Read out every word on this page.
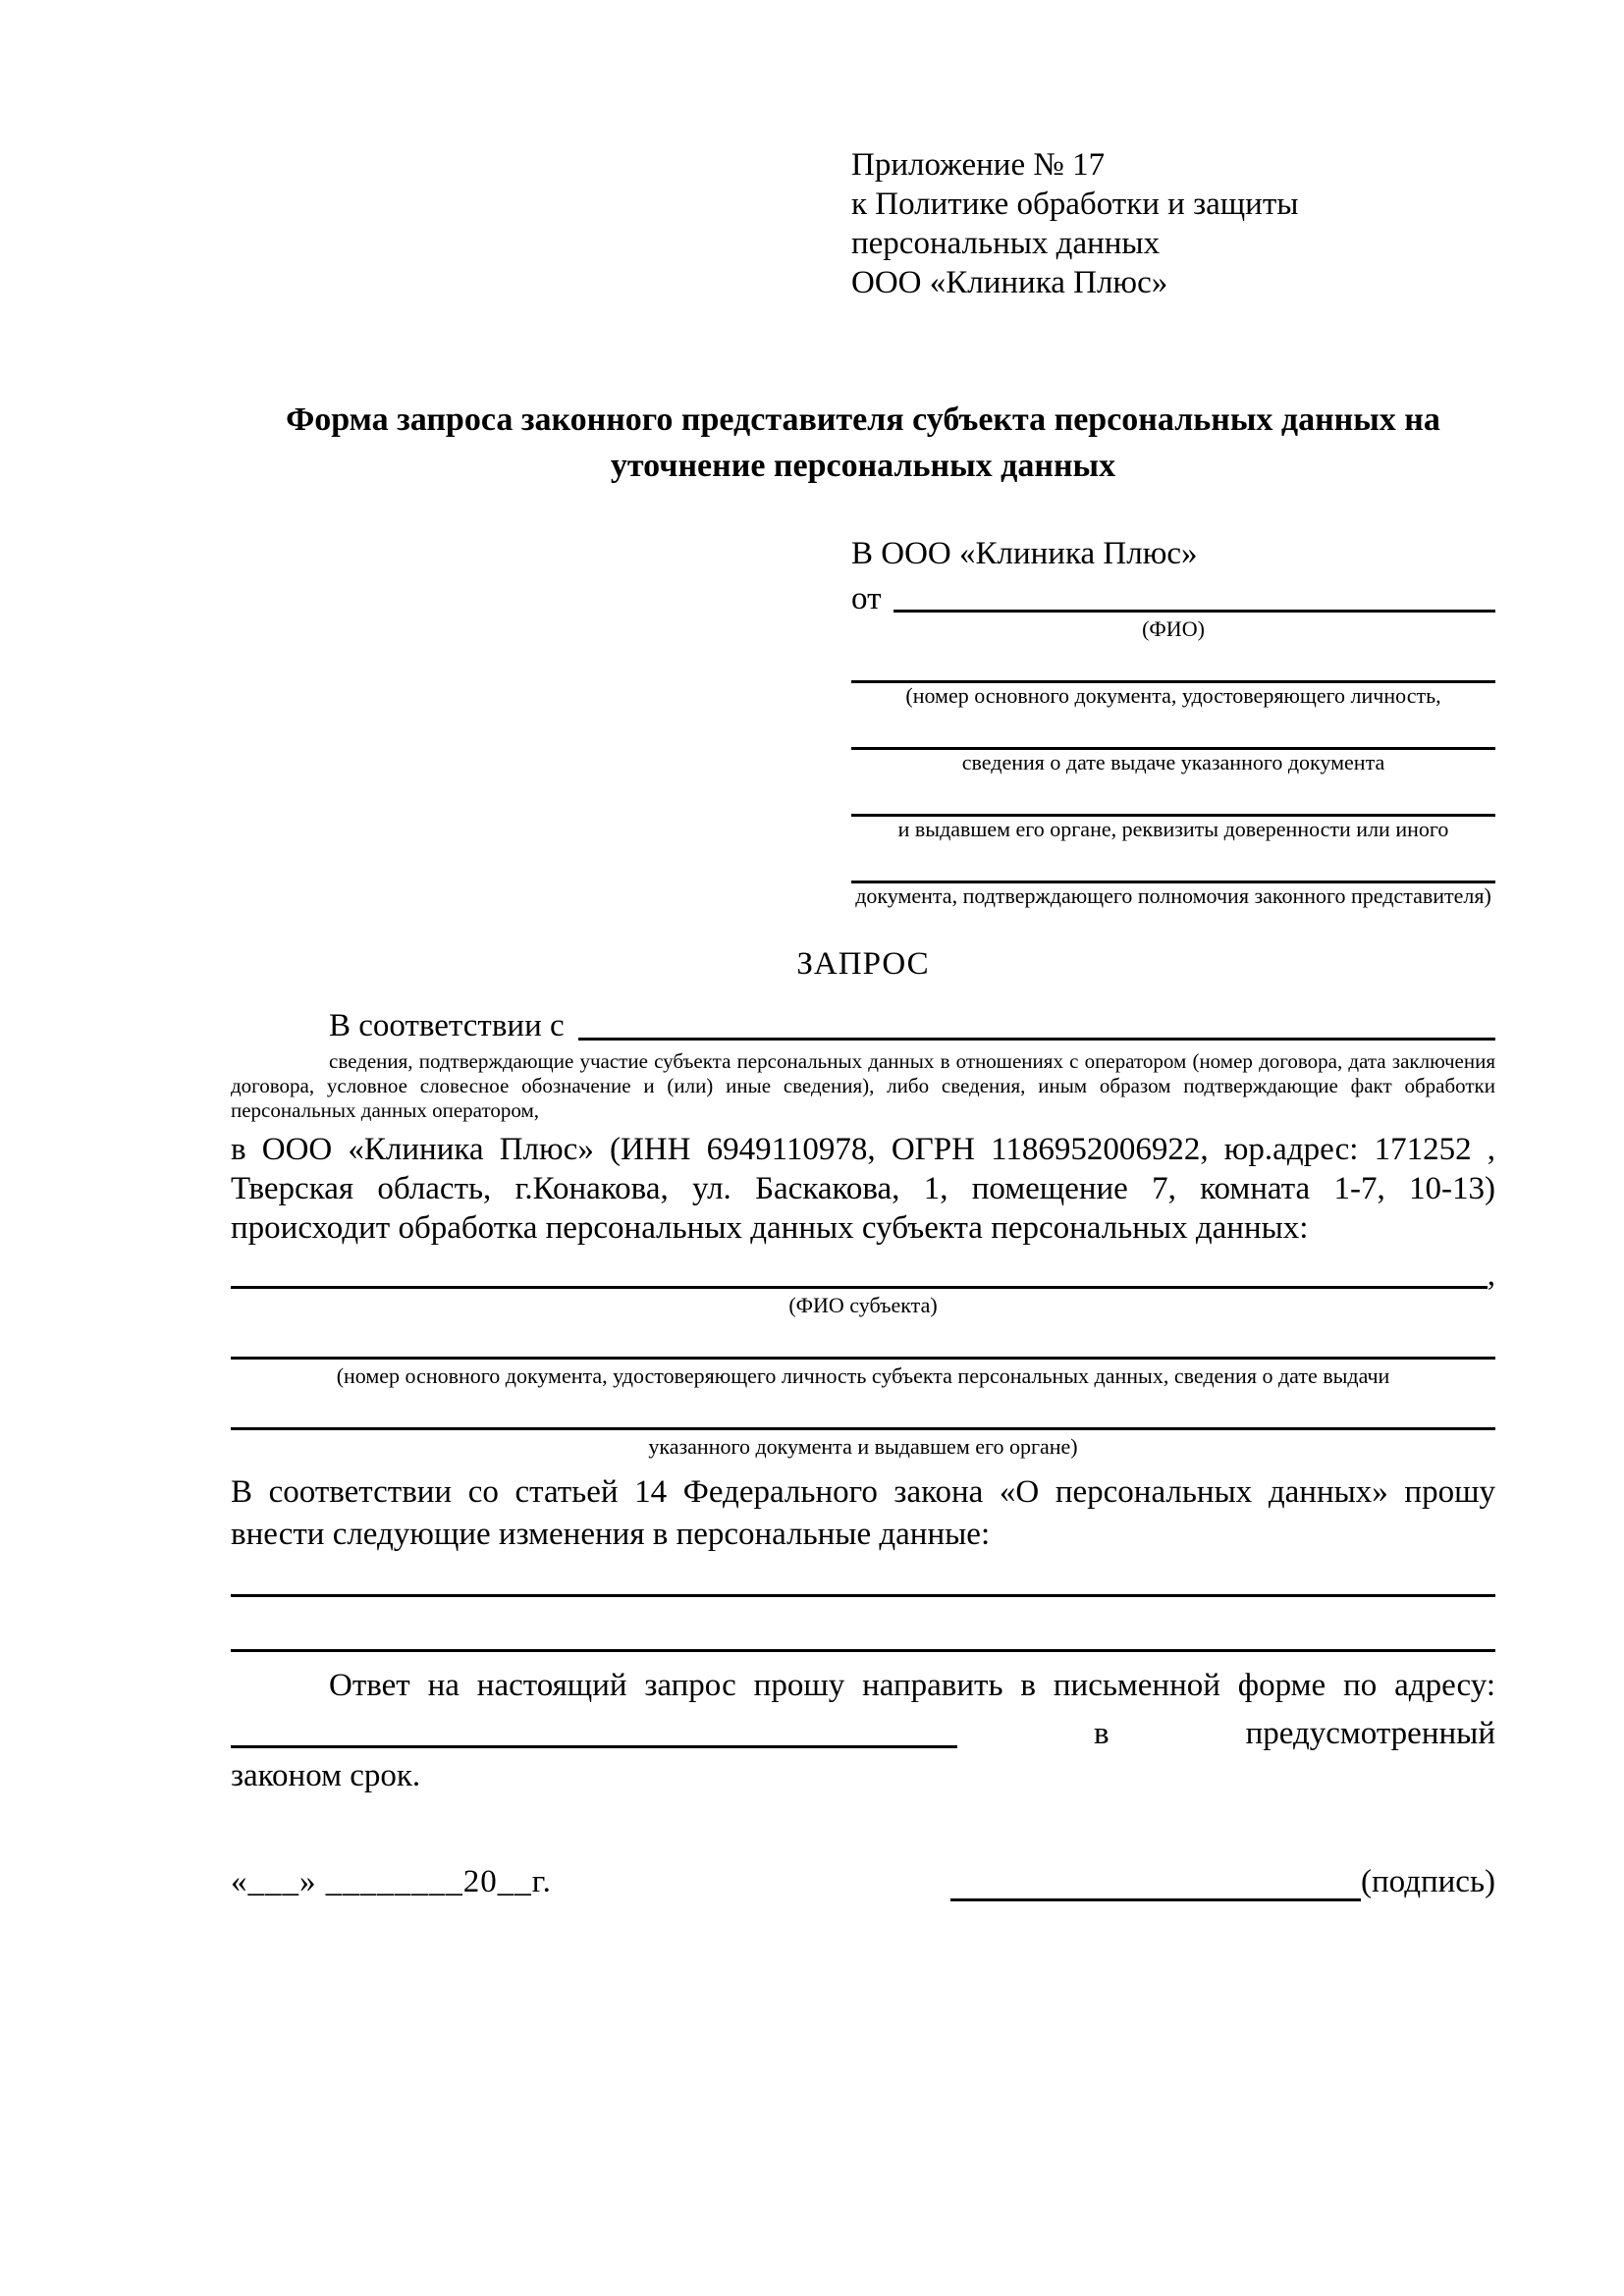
Приложение № 17
к Политике обработки и защиты
персональных данных
ООО «Клиника Плюс»
Форма запроса законного представителя субъекта персональных данных на уточнение персональных данных
В ООО «Клиника Плюс»
от
(ФИО)
(номер основного документа, удостоверяющего личность,
сведения о дате выдаче указанного документа
и выдавшем его органе, реквизиты доверенности или иного
документа, подтверждающего полномочия законного представителя)
ЗАПРОС
В соответствии с
сведения, подтверждающие участие субъекта персональных данных в отношениях с оператором (номер договора, дата заключения договора, условное словесное обозначение и (или) иные сведения), либо сведения, иным образом подтверждающие факт обработки персональных данных оператором,
в ООО «Клиника Плюс» (ИНН 6949110978, ОГРН 1186952006922, юр.адрес: 171252 , Тверская область, г.Конакова, ул. Баскакова, 1, помещение 7, комната 1-7, 10-13) происходит обработка персональных данных субъекта персональных данных:
,
(ФИО субъекта)
(номер основного документа, удостоверяющего личность субъекта персональных данных, сведения о дате выдачи
указанного документа и выдавшем его органе)
В соответствии со статьей 14 Федерального закона «О персональных данных» прошу внести следующие изменения в персональные данные:
Ответ на настоящий запрос прошу направить в письменной форме по адресу:
в	предусмотренный
законом срок.
«___» ________20__г.	(подпись)
